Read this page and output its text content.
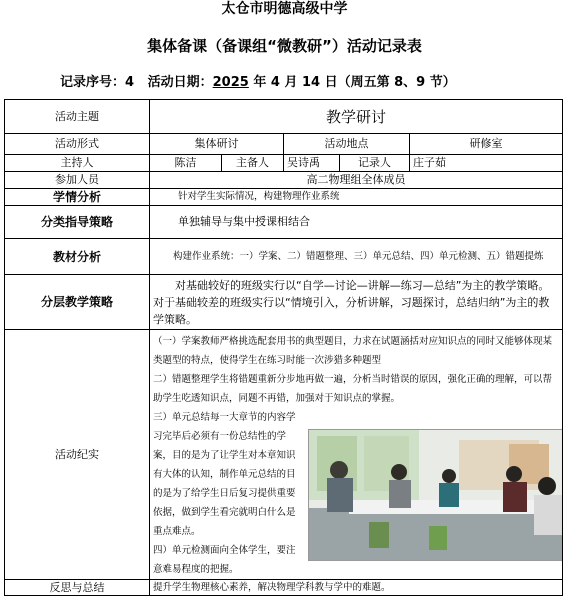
太仓市明德高级中学
集体备课（备课组“微教研”）活动记录表
记录序号：4 活动日期：2025 年 4 月 14 日（周五第 8、9 节）
活动主题	教学研讨				
活动形式	集体研讨		活动地点		研修室
主持人	陈洁	主备人	吴诗禹	记录人	庄子茹
参加人员	高二物理组全体成员				
学情分析	针对学生实际情况，构建物理作业系统				
分类指导策略	单独辅导与集中授课相结合				
教材分析	构建作业系统：一）学案、二）错题整理、三）单元总结、四）单元检测、五）错题提炼				
分层教学策略	对基础较好的班级实行以“自学—讨论—讲解—练习—总结”为主的教学策略。对于基础较差的班级实行以“情境引入，分析讲解，习题探讨，总结归纳”为主的教学策略。				
活动纪实	（一）学案教师严格挑选配套用书的典型题目，力求在试题涵括对应知识点的同时又能够体现某类题型的特点，使得学生在练习时能一次涉猎多种题型

二）错题整理学生将错题重新分步地再做一遍，分析当时错误的原因，强化正确的理解，可以帮助学生吃透知识点，同题不再错，加强对于知识点的掌握。

三）单元总结每一大章节的内容学习完毕后必须有一份总结性的学案，目的是为了让学生对本章知识有大体的认知，制作单元总结的目的是为了给学生日后复习提供重要依据，做到学生看完就明白什么是重点难点。

四）单元检测面向全体学生，要注意难易程度的把握。				

反思与总结	提升学生物理核心素养，解决物理学科教与学中的难题。				
